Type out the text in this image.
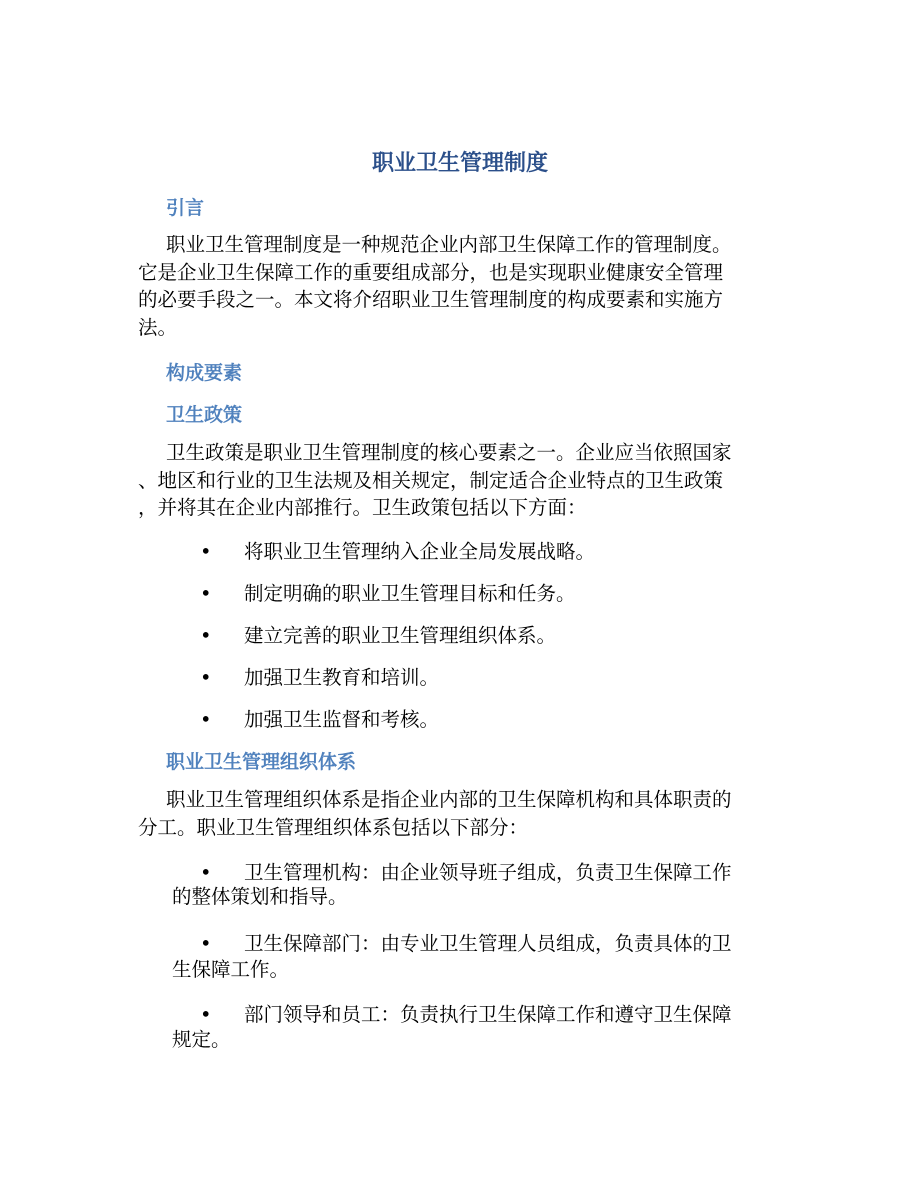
职业卫生管理制度
引言
职业卫生管理制度是一种规范企业内部卫生保障工作的管理制度。
它是企业卫生保障工作的重要组成部分，也是实现职业健康安全管理
的必要手段之一。本文将介绍职业卫生管理制度的构成要素和实施方
法。
构成要素
卫生政策
卫生政策是职业卫生管理制度的核心要素之一。企业应当依照国家
、地区和行业的卫生法规及相关规定，制定适合企业特点的卫生政策
，并将其在企业内部推行。卫生政策包括以下方面：
• 将职业卫生管理纳入企业全局发展战略。
• 制定明确的职业卫生管理目标和任务。
• 建立完善的职业卫生管理组织体系。
• 加强卫生教育和培训。
• 加强卫生监督和考核。
职业卫生管理组织体系
职业卫生管理组织体系是指企业内部的卫生保障机构和具体职责的
分工。职业卫生管理组织体系包括以下部分：
• 卫生管理机构：由企业领导班子组成，负责卫生保障工作
的整体策划和指导。
• 卫生保障部门：由专业卫生管理人员组成，负责具体的卫
生保障工作。
• 部门领导和员工：负责执行卫生保障工作和遵守卫生保障
规定。
